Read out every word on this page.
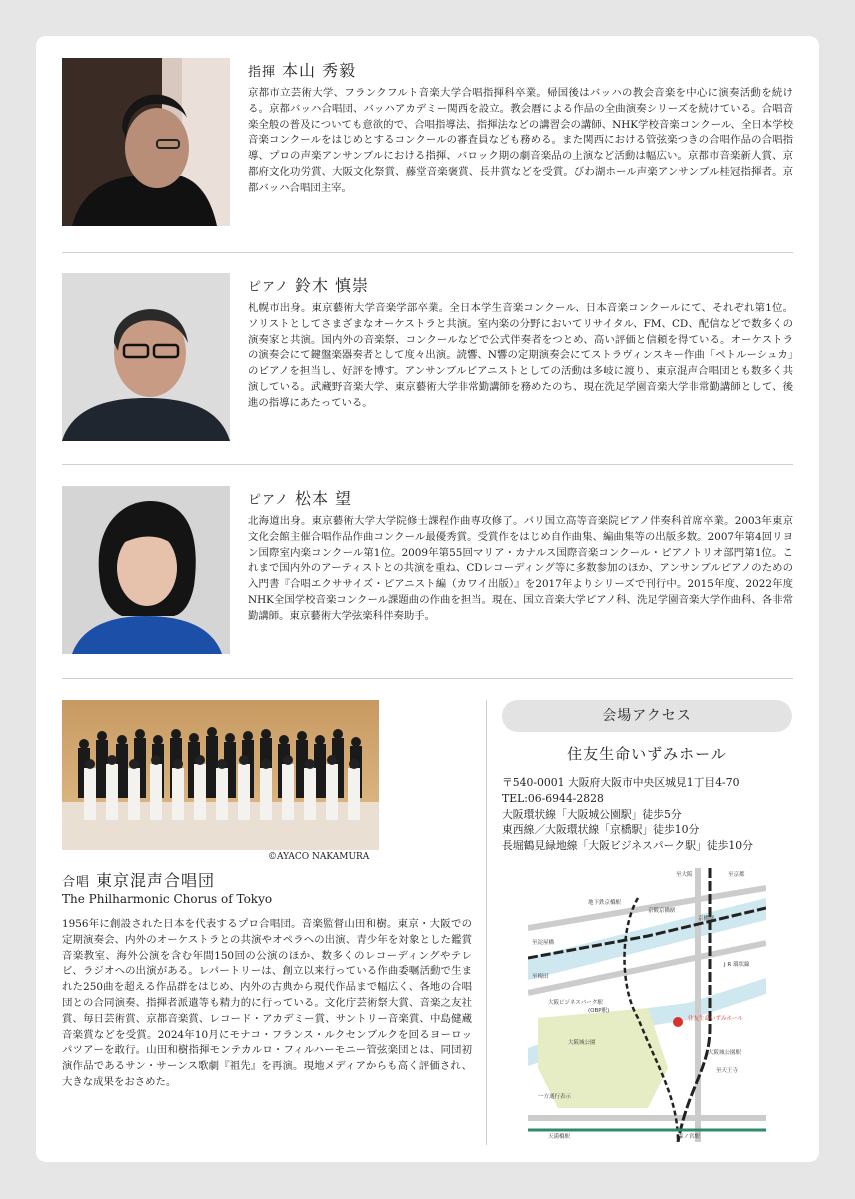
指揮 本山 秀毅
京都市立芸術大学、フランクフルト音楽大学合唱指揮科卒業。帰国後はバッハの教会音楽を中心に演奏活動を続ける。京都バッハ合唱団、バッハアカデミー関西を設立。教会暦による作品の全曲演奏シリーズを続けている。合唱音楽全般の普及についても意欲的で、合唱指導法、指揮法などの講習会の講師、NHK学校音楽コンクール、全日本学校音楽コンクールをはじめとするコンクールの審査員なども務める。また関西における管弦楽つきの合唱作品の合唱指導、プロの声楽アンサンブルにおける指揮、バロック期の劇音楽品の上演など活動は幅広い。京都市音楽新人賞、京都府文化功労賞、大阪文化祭賞、藤堂音楽褒賞、長井賞などを受賞。びわ湖ホール声楽アンサンブル桂冠指揮者。京都バッハ合唱団主宰。
ピアノ 鈴木 慎崇
札幌市出身。東京藝術大学音楽学部卒業。全日本学生音楽コンクール、日本音楽コンクールにて、それぞれ第1位。ソリストとしてさまざまなオーケストラと共演。室内楽の分野においてリサイタル、FM、CD、配信などで数多くの演奏家と共演。国内外の音楽祭、コンクールなどで公式伴奏者をつとめ、高い評価と信頼を得ている。オーケストラの演奏会にて鍵盤楽器奏者として度々出演。読響、N響の定期演奏会にてストラヴィンスキー作曲「ペトルーシュカ」のピアノを担当し、好評を博す。アンサンブルピアニストとしての活動は多岐に渡り、東京混声合唱団とも数多く共演している。武蔵野音楽大学、東京藝術大学非常勤講師を務めたのち、現在洗足学園音楽大学非常勤講師として、後進の指導にあたっている。
ピアノ 松本 望
北海道出身。東京藝術大学大学院修士課程作曲専攻修了。パリ国立高等音楽院ピアノ伴奏科首席卒業。2003年東京文化会館主催合唱作品作曲コンクール最優秀賞。受賞作をはじめ自作曲集、編曲集等の出版多数。2007年第4回リヨン国際室内楽コンクール第1位。2009年第55回マリア・カナルス国際音楽コンクール・ピアノトリオ部門第1位。これまで国内外のアーティストとの共演を重ね、CDレコーディング等に多数参加のほか、アンサンブルピアノのための入門書『合唱エクササイズ・ピアニスト編（カワイ出版）』を2017年よりシリーズで刊行中。2015年度、2022年度NHK全国学校音楽コンクール課題曲の作曲を担当。現在、国立音楽大学ピアノ科、洗足学園音楽大学作曲科、各非常勤講師。東京藝術大学弦楽科伴奏助手。
©AYACO NAKAMURA
合唱 東京混声合唱団
The Philharmonic Chorus of Tokyo
1956年に創設された日本を代表するプロ合唱団。音楽監督山田和樹。東京・大阪での定期演奏会、内外のオーケストラとの共演やオペラへの出演、青少年を対象とした鑑賞音楽教室、海外公演を含む年間150回の公演のほか、数多くのレコーディングやテレビ、ラジオへの出演がある。レパートリーは、創立以来行っている作曲委嘱活動で生まれた250曲を超える作品群をはじめ、内外の古典から現代作品まで幅広く、各地の合唱団との合同演奏、指揮者派遣等も精力的に行っている。文化庁芸術祭大賞、音楽之友社賞、毎日芸術賞、京都音楽賞、レコード・アカデミー賞、サントリー音楽賞、中島健蔵音楽賞などを受賞。2024年10月にモナコ・フランス・ルクセンブルクを回るヨーロッパツアーを敢行。山田和樹指揮モンテカルロ・フィルハーモニー管弦楽団とは、同団初演作品であるサン・サーンス歌劇『祖先』を再演。現地メディアからも高く評価され、大きな成果をおさめた。
会場アクセス
住友生命いずみホール
〒540-0001 大阪府大阪市中央区城見1丁目4-70
TEL:06-6944-2828
大阪環状線「大阪城公園駅」徒歩5分
東西線／大阪環状線「京橋駅」徒歩10分
長堀鶴見緑地線「大阪ビジネスパーク駅」徒歩10分
至大阪	至京都
地下鉄京橋駅
京阪京橋駅
京橋駅
至淀屋橋
J R 環状線
至梅田
大阪ビジネスパーク駅
(OBP駅)
住友生命いずみホール
大阪城公園
大阪城公園駅
至天王寺
一方通行表示
天満橋駅	森ノ宮駅
